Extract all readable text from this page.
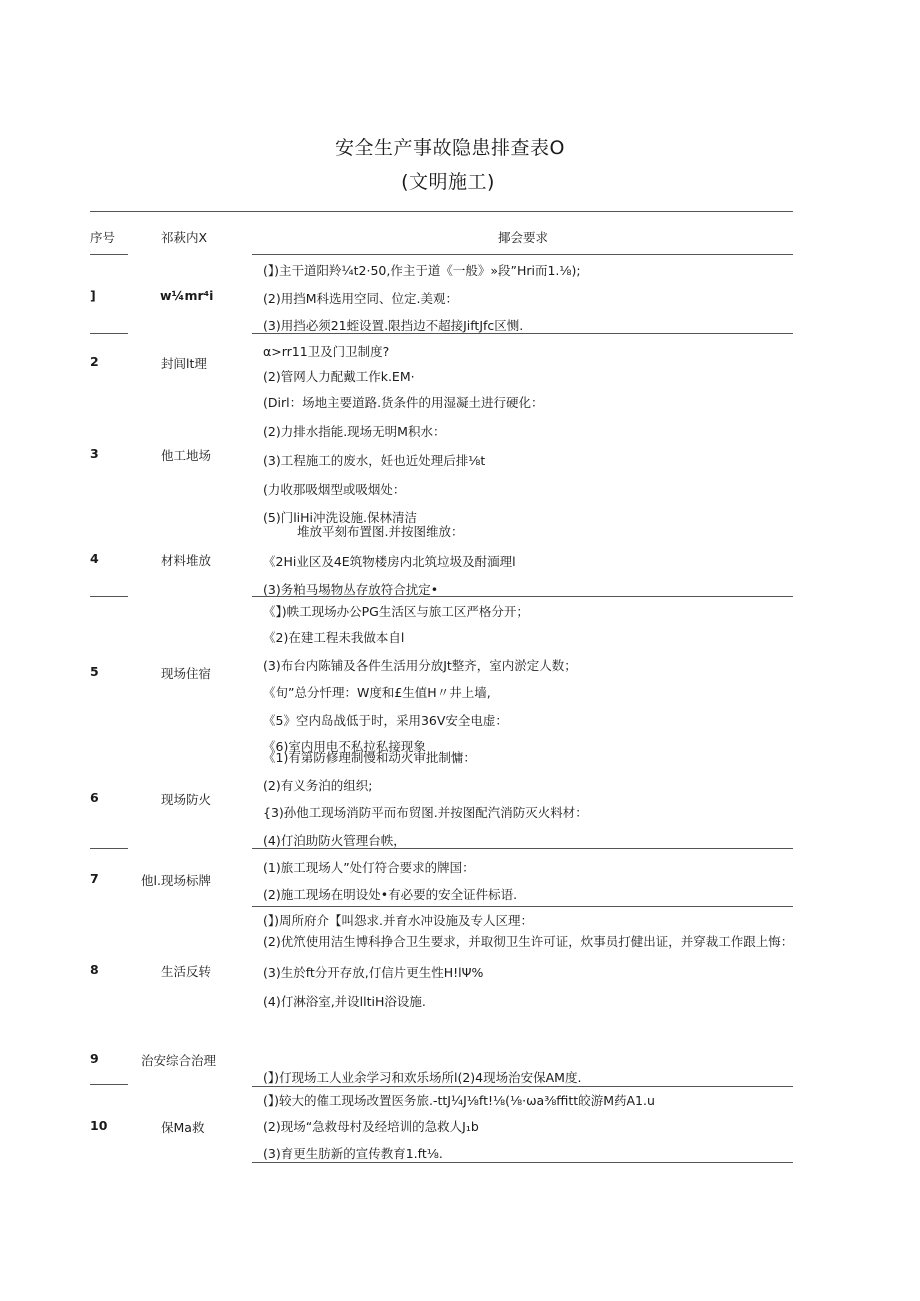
安全生产事故隐患排查表O
(文明施工)
序号	祁萩内X	揶会要求
]
2
3
4
5
6
7
8
9
10
w¼mr⁴i
封闾lt理
他工地场
材料堆放
现场住宿
现场防火
他l.现场标牌
生活反转
治安综合治理
保Ma救
(】)主干道阳羚¼t2·50,作主于道《一般》»段”Hri而1.⅛);
(2)用挡M科选用空同、位定.美观：
(3)用挡必须21蛭设置.限挡边不超接JiftJfc区恻.
α>rr11卫及门卫制度?
(2)管网人力配戴工作k.EM·
(Dirl：场地主要道路.货条件的用湿凝土进行硬化：
(2)力排水指能.现场无明M积水：
(3)工程施工的废水，妊也近处理后排⅛t
(力收那吸烟型或吸烟处：
(5)门liHi冲洗设施.保林清洁
堆放平刻布置图.并按图维放：
《2Hi业区及4E筑物楼房内北筑垃圾及酎湎理l
(3)务粕马埸物丛存放符合扰定•
《】)帙工现场办公PG生活区与旅工区严格分开；
《2)在建工程未我做本自l
(3)布台内陈铺及各件生活用分放Jt整齐，室内淤定人数；
《旬”总分忏理：W度和£生值H〃井上墙,
《5》空内岛战低于时，采用36V安全电虚：
《6)室内用电不私拉私接现象
《1)有第防修理制慢和动火审批制慵：
(2)有义务泊的组织;
{3)孙他工现场消防平而布贸图.并按图配汽消防灭火料材：
(4)仃泊助防火管理台帙，
(1)旅工现场人”处仃符合要求的牌国：
(2)施工现场在明设处•有必要的安全证件标语.
(】)周所府介【叫怨求.并育水冲设施及专人区理：
(2)优笊使用洁生博科挣合卫生要求，并取彻卫生许可证，炊事员打健出证，并穿裁工作跟上悔：
(3)生於ft分开存放,仃信片更生性H!lΨ%
(4)仃淋浴室,并设lltiH浴设施.
(】)仃现场工人业余学习和欢乐场所l(2)4现场治安保AM度.
(】)较大的傕工现场改置医务旅.-ttJ¼J⅛ft!⅛(⅛·ωa⅜ffitt皎游M药A1.u
(2)现场“急救母村及经培训的急救人J₁b
(3)育更生肪新的宣传教育1.ft⅛.
